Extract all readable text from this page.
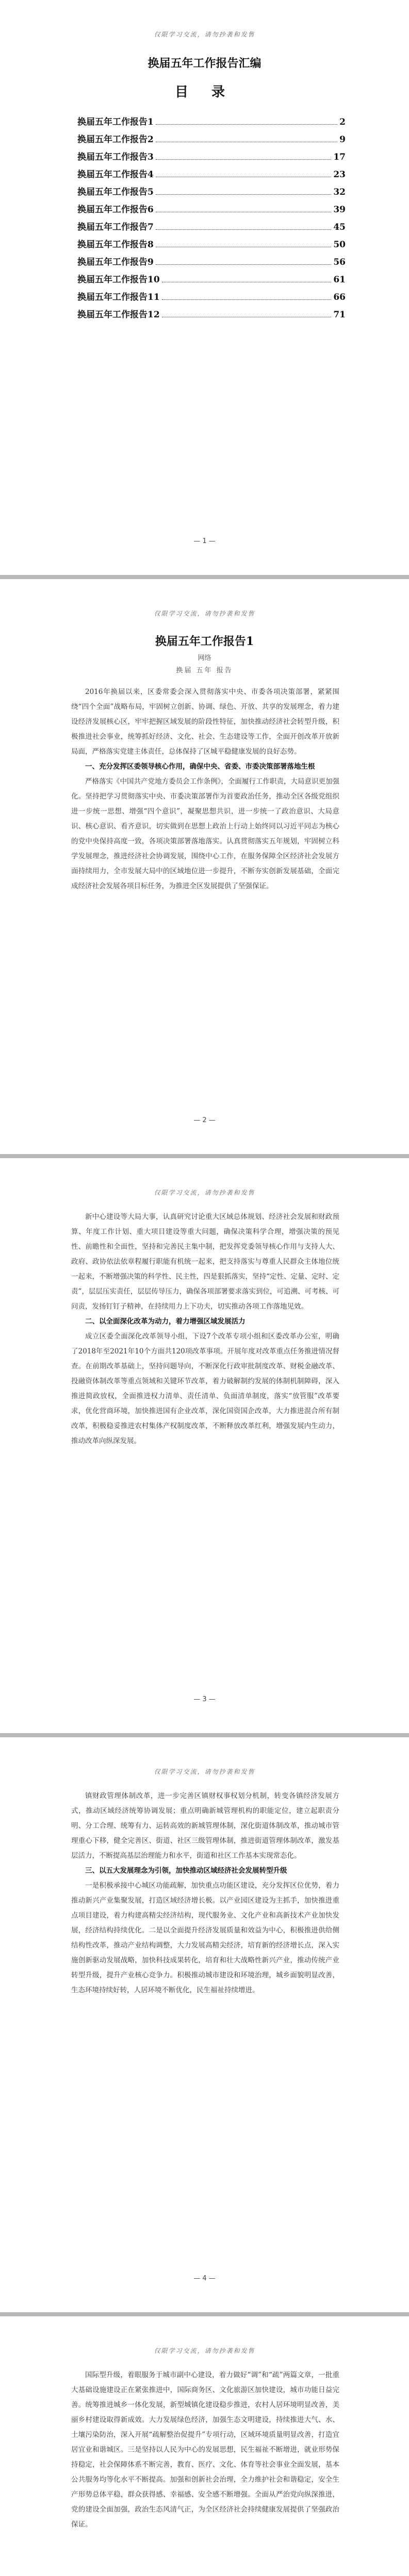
仅限学习交流，请勿抄袭和发售
换届五年工作报告汇编
目 录
换届五年工作报告1	2
换届五年工作报告2	9
换届五年工作报告3	17
换届五年工作报告4	23
换届五年工作报告5	32
换届五年工作报告6	39
换届五年工作报告7	45
换届五年工作报告8	50
换届五年工作报告9	56
换届五年工作报告10	61
换届五年工作报告11	66
换届五年工作报告12	71
— 1 —
仅限学习交流，请勿抄袭和发售
换届五年工作报告1
网络
换届 五年 报告

2016年换届以来，区委常委会深入贯彻落实中央、市委各项决策部署，紧紧围绕“四个全面”战略布局，牢固树立创新、协调、绿色、开放、共享的发展理念，着力建设经济发展核心区，牢牢把握区域发展的阶段性特征，加快推动经济社会转型升级，积极推进社会事业，统筹抓好经济、文化、社会、生态建设等工作，全面开创改革开放新局面，严格落实党建主体责任，总体保持了区城平稳健康发展的良好态势。

一、充分发挥区委领导核心作用，确保中央、省委、市委决策部署落地生根

严格落实《中国共产党地方委员会工作条例》，全面履行工作职责，大局意识更加强化。坚持把学习贯彻落实中央、市委决策部署作为首要政治任务，推动全区各级党组织进一步统一思想、增强“四个意识”，凝聚思想共识，进一步统一了政治意识、大局意识、核心意识、看齐意识，切实做到在思想上政治上行动上始终同以习近平同志为核心的党中央保持高度一致，各项决策部署落地落实。认真贯彻落实五年规划，牢固树立科学发展理念，推进经济社会协调发展，围绕中心工作，在服务保障全区经济社会发展方面持续用力，全市发展大局中的区域地位进一步提升，不断夯实创新发展基础，全面完成经济社会发展各项目标任务，为推进全区发展提供了坚强保证。

— 2 —
仅限学习交流，请勿抄袭和发售

新中心建设等大局大事，认真研究讨论重大区域总体规划、经济社会发展和财政预算、年度工作计划、重大项目建设等重大问题，确保决策科学合理，增强决策的预见性、前瞻性和全面性，坚持和完善民主集中制，把发挥党委领导核心作用与支持人大、政府、政协依法依章程履行职能有机统一起来，把支持落实与尊重人民群众主体地位统一起来，不断增强决策的科学性、民主性，四是狠抓落实，坚持“定性、定量、定时、定责”，层层压实责任，层层传导压力，确保各项部署要求落实到位，可追溯、可考核、可问责，发扬钉钉子精神，在持续用力上下功夫，切实推动各项工作落地见效。

二、以全面深化改革为动力，着力增强区域发展活力

成立区委全面深化改革领导小组，下设7个改革专项小组和区委改革办公室，明确了2018年至2021年10个方面共120项改革事项。开展年度对改革重点任务推进情况督查。在前期改革基础上，坚持问题导向，不断深化行政审批制度改革、财税金融改革、投融资体制改革等重点领域和关键环节改革，着力破解制约发展的体制机制障碍，深入推进简政放权，全面推进权力清单、责任清单、负面清单制度，落实“放管服”改革要求，优化营商环境，加快推进国有企业改革，深化国资国企改革，大力推进混合所有制改革，积极稳妥推进农村集体产权制度改革，不断释放改革红利，增强发展内生动力，推动改革向纵深发展。

— 3 —
仅限学习交流，请勿抄袭和发售

镇财政管理体制改革，进一步完善区镇财权事权划分机制，转变各镇经济发展方式，推动区域经济统筹协调发展；重点明确新城管理机构的职能定位，建立起职责分明、分工合理、统筹有力、运转高效的新城管理体制，深化街道体制改革，推动城市管理重心下移，健全完善区、街道、社区三级管理体制，推进街道管理体制改革，激发基层活力，不断提高基层治理能力和水平，街道和社区工作基本实现常态化。

三、以五大发展理念为引领，加快推动区域经济社会发展转型升级

一是积极承接中心城区功能疏解，加快重点功能区建设，充分发挥区位优势，着力推动新兴产业集聚发展，打造区域经济增长极。以产业园区建设为主抓手，加快推进重点项目建设，着力构建高精尖经济结构，现代服务业、文化产业和高新技术产业加快发展，经济结构持续优化。二是以全面提升经济发展质量和效益为中心，积极推进供给侧结构性改革，推动产业结构调整，大力发展高精尖经济，培育新的经济增长点，深入实施创新驱动发展战略，加快科技成果转化，培育和壮大战略性新兴产业，推动传统产业转型升级，提升产业核心竞争力。积极推动城市建设和环境治理，城乡面貌明显改善，生态环境持续好转，人居环境不断优化，民生福祉持续增进。

— 4 —
仅限学习交流，请勿抄袭和发售

国际型升级，着眼服务于城市副中心建设，着力做好“调”和“疏”两篇文章，一批重大基础设施建设正在紧张推进中，国际商务区、文化旅游区加快建设，城市功能日益完善。统筹推进城乡一体化发展，新型城镇化建设稳步推进，农村人居环境明显改善，美丽乡村建设取得新成效。大力发展绿色经济，加强生态文明建设，持续推进大气、水、土壤污染防治，深入开展“疏解整治促提升”专项行动，区域环境质量明显改善，打造宜居宜业和谐城区。三是坚持以人民为中心的发展思想，民生福祉不断增进，就业形势保持稳定，社会保障体系不断完善，教育、医疗、文化、体育等社会事业全面发展，基本公共服务均等化水平不断提高。加强和创新社会治理，全力维护社会和谐稳定，安全生产形势总体平稳，群众获得感、幸福感、安全感不断增强。全面从严治党向纵深推进，党的建设全面加强，政治生态风清气正，为全区经济社会持续健康发展提供了坚强政治保证。
